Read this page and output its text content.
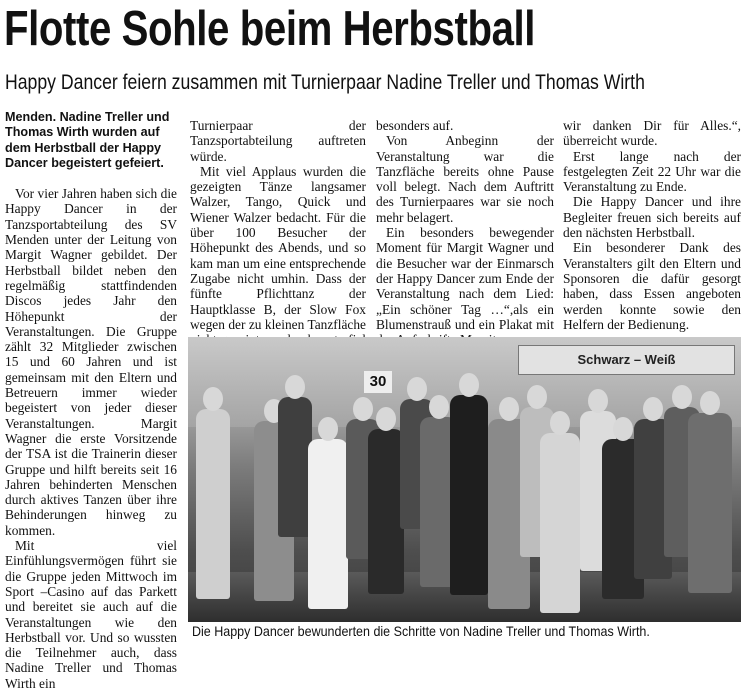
Flotte Sohle beim Herbstball
Happy Dancer feiern zusammen mit Turnierpaar Nadine Treller und Thomas Wirth

Menden. Nadine Treller und Thomas Wirth wurden auf dem Herbstball der Happy Dancer begeistert gefeiert.

Vor vier Jahren haben sich die Happy Dancer in der Tanzsportabteilung des SV Menden unter der Leitung von Margit Wagner gebildet. Der Herbstball bildet neben den regelmäßig stattfindenden Discos jedes Jahr den Höhepunkt der Veranstaltungen. Die Gruppe zählt 32 Mitglieder zwischen 15 und 60 Jahren und ist gemeinsam mit den Eltern und Betreuern immer wieder begeistert von jeder dieser Veranstaltungen. Margit Wagner die erste Vorsitzende der TSA ist die Trainerin dieser Gruppe und hilft bereits seit 16 Jahren behinderten Menschen durch aktives Tanzen über ihre Behinderungen hinweg zu kommen.

Mit viel Einfühlungsvermögen führt sie die Gruppe jeden Mittwoch im Sport –Casino auf das Parkett und bereitet sie auch auf die Veranstaltungen wie den Herbstball vor. Und so wussten die Teilnehmer auch, dass Nadine Treller und Thomas Wirth ein

Turnierpaar der Tanzsportabteilung auftreten würde.

Mit viel Applaus wurden die gezeigten Tänze langsamer Walzer, Tango, Quick und Wiener Walzer bedacht. Für die über 100 Besucher der Höhepunkt des Abends, und so kam man um eine entsprechende Zugabe nicht umhin. Dass der fünfte Pflichttanz der Hauptklasse B, der Slow Fox wegen der zu kleinen Tanzfläche

besonders auf.

Von Anbeginn der Veranstaltung war die Tanzfläche bereits ohne Pause voll belegt. Nach dem Auftritt des Turnierpaares war sie noch mehr belagert.

Ein besonders bewegender Moment für Margit Wagner und die Besucher war der Einmarsch der Happy Dancer zum Ende der Veranstaltung nach dem Lied: „Ein schöner Tag …“,als ein Blumenstrauß und ein Plakat mit

wir danken Dir für Alles.“, überreicht wurde.

Erst lange nach der festgelegten Zeit 22 Uhr war die Veranstaltung zu Ende.

Die Happy Dancer und ihre Begleiter freuen sich bereits auf den nächsten Herbstball.

Ein besonderer Dank des Veranstalters gilt den Eltern und Sponsoren die dafür gesorgt haben, dass Essen angeboten werden konnte sowie den Helfern der Bedienung.

Schwarz – Weiß
30
Die Happy Dancer bewunderten die Schritte von Nadine Treller und Thomas Wirth.
